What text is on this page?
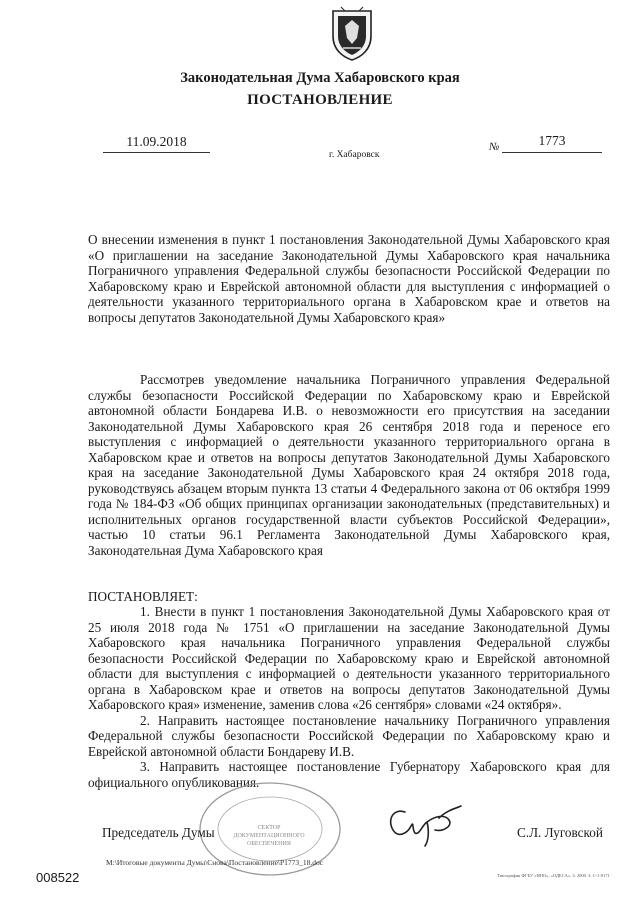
Законодательная Дума Хабаровского края
ПОСТАНОВЛЕНИЕ
11.09.2018
г. Хабаровск
№	1773
О внесении изменения в пункт 1 постановления Законодательной Думы Хабаровского края «О приглашении на заседание Законодательной Думы Хабаровского края начальника Пограничного управления Федеральной службы безопасности Российской Федерации по Хабаровскому краю и Еврейской автономной области для выступления с информацией о деятельности указанного территориального органа в Хабаровском крае и ответов на вопросы депутатов Законодательной Думы Хабаровского края»
Рассмотрев уведомление начальника Пограничного управления Федеральной службы безопасности Российской Федерации по Хабаровскому краю и Еврейской автономной области Бондарева И.В. о невозможности его присутствия на заседании Законодательной Думы Хабаровского края 26 сентября 2018 года и переносе его выступления с информацией о деятельности указанного территориального органа в Хабаровском крае и ответов на вопросы депутатов Законодательной Думы Хабаровского края на заседание Законодательной Думы Хабаровского края 24 октября 2018 года, руководствуясь абзацем вторым пункта 13 статьи 4 Федерального закона от 06 октября 1999 года № 184-ФЗ «Об общих принципах организации законодательных (представительных) и исполнительных органов государственной власти субъектов Российской Федерации», частью 10 статьи 96.1 Регламента Законодательной Думы Хабаровского края, Законодательная Дума Хабаровского края
ПОСТАНОВЛЯЕТ:

1. Внести в пункт 1 постановления Законодательной Думы Хабаровского края от 25 июля 2018 года № 1751 «О приглашении на заседание Законодательной Думы Хабаровского края начальника Пограничного управления Федеральной службы безопасности Российской Федерации по Хабаровскому краю и Еврейской автономной области для выступления с информацией о деятельности указанного территориального органа в Хабаровском крае и ответов на вопросы депутатов Законодательной Думы Хабаровского края» изменение, заменив слова «26 сентября» словами «24 октября».

2. Направить настоящее постановление начальнику Пограничного управления Федеральной службы безопасности Российской Федерации по Хабаровскому краю и Еврейской автономной области Бондареву И.В.

3. Направить настоящее постановление Губернатору Хабаровского края для официального опубликования.

СЕКТОР
ДОКУМЕНТАЦИОННОГО
ОБЕСПЕЧЕНИЯ
Председатель Думы	С.Л. Луговской
М:\Итоговые документы Думы\Снова\Постановление\Р1773_18.doc
Типография ФГБУ «НПО», «ОДЕСА». З. 2000. З. С-1-0171
008522
